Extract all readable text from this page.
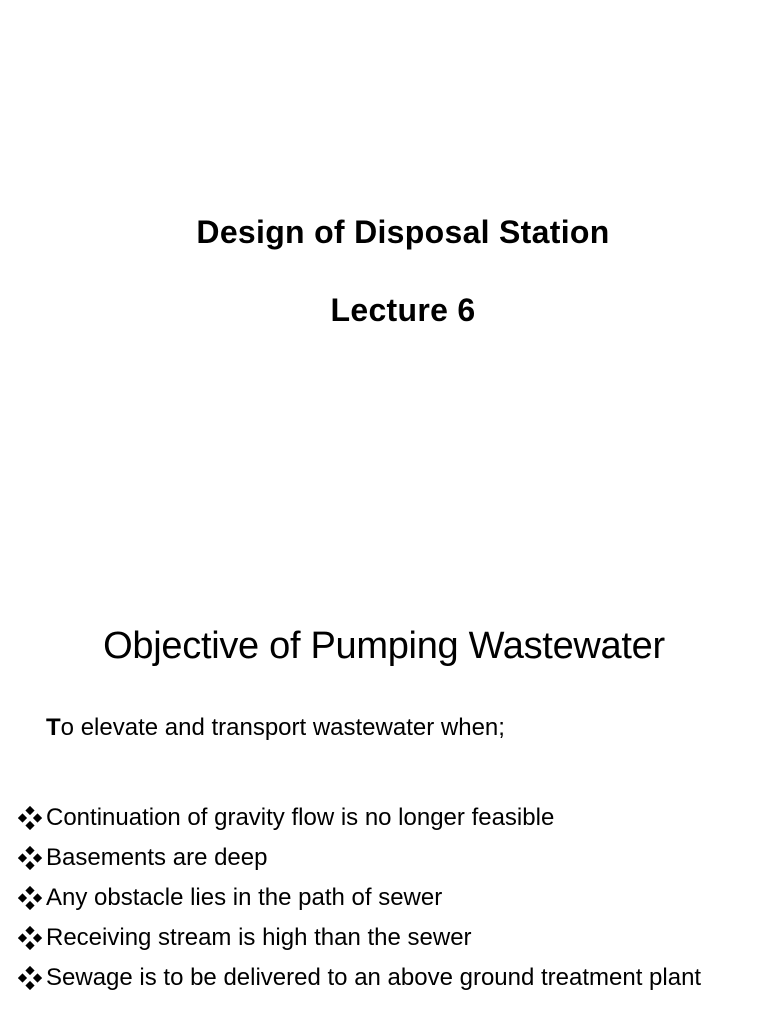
Design of Disposal Station
Lecture 6
Objective of Pumping Wastewater
To elevate and transport wastewater when;
Continuation of gravity flow is no longer feasible
Basements are deep
Any obstacle lies in the path of sewer
Receiving stream is high than the sewer
Sewage is to be delivered to an above ground treatment plant
